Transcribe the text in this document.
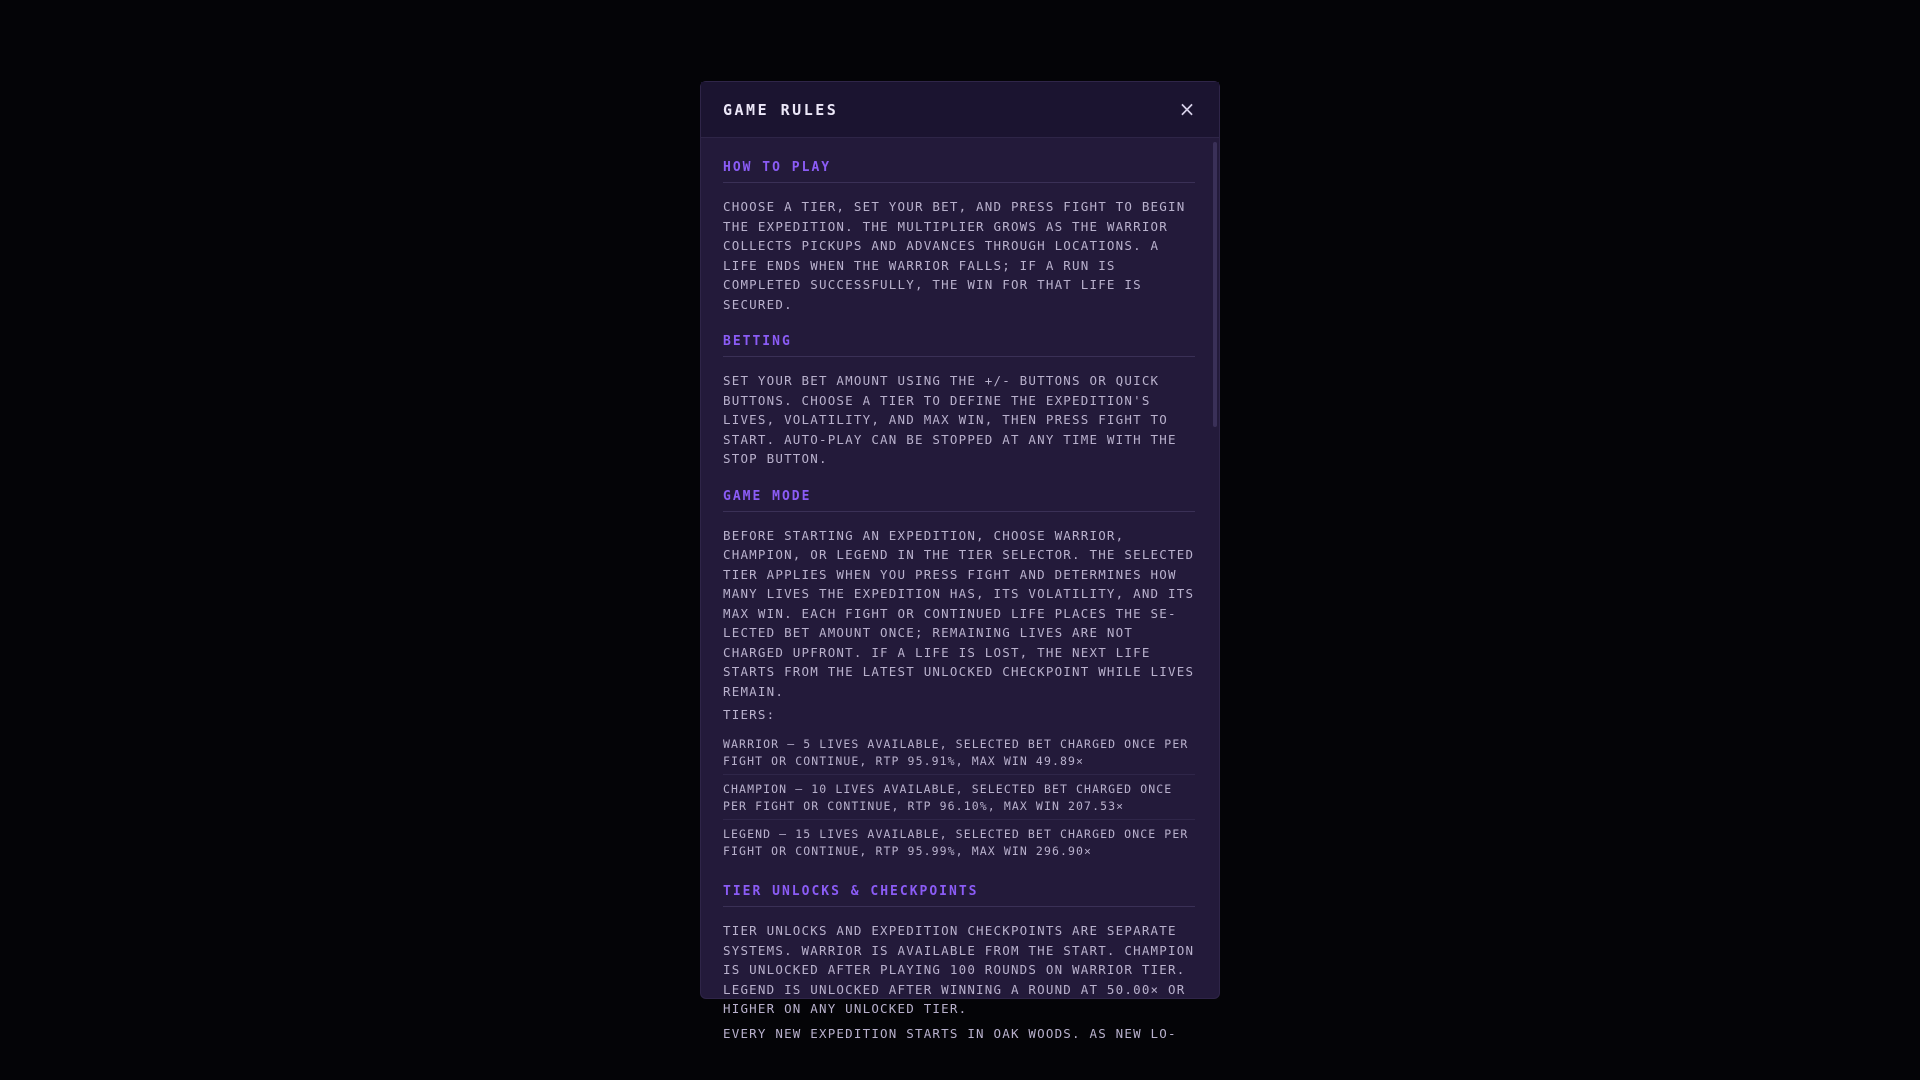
GAME RULES	×
HOW TO PLAY

CHOOSE A TIER, SET YOUR BET, AND PRESS FIGHT TO BEGIN THE EXPEDITION. THE MULTIPLIER GROWS AS THE WARRIOR COLLECTS PICKUPS AND ADVANCES THROUGH LOCATIONS. A LIFE ENDS WHEN THE WARRIOR FALLS; IF A RUN IS COMPLETED SUCCESSFULLY, THE WIN FOR THAT LIFE IS SECURED.

BETTING

SET YOUR BET AMOUNT USING THE +/- BUTTONS OR QUICK BUTTONS. CHOOSE A TIER TO DEFINE THE EXPEDITION'S LIVES, VOLATILITY, AND MAX WIN, THEN PRESS FIGHT TO START. AUTO-PLAY CAN BE STOPPED AT ANY TIME WITH THE STOP BUTTON.

GAME MODE

BEFORE STARTING AN EXPEDITION, CHOOSE WARRIOR, CHAMPION, OR LEGEND IN THE TIER SELECTOR. THE SELECTED TIER APPLIES WHEN YOU PRESS FIGHT AND DETERMINES HOW MANY LIVES THE EXPEDITION HAS, ITS VOLATILITY, AND ITS MAX WIN. EACH FIGHT OR CONTINUED LIFE PLACES THE SE-LECTED BET AMOUNT ONCE; REMAINING LIVES ARE NOT CHARGED UPFRONT. IF A LIFE IS LOST, THE NEXT LIFE STARTS FROM THE LATEST UNLOCKED CHECKPOINT WHILE LIVES REMAIN.

TIERS:
WARRIOR — 5 LIVES AVAILABLE, SELECTED BET CHARGED ONCE PER FIGHT OR CONTINUE, RTP 95.91%, MAX WIN 49.89×
CHAMPION — 10 LIVES AVAILABLE, SELECTED BET CHARGED ONCE PER FIGHT OR CONTINUE, RTP 96.10%, MAX WIN 207.53×
LEGEND — 15 LIVES AVAILABLE, SELECTED BET CHARGED ONCE PER FIGHT OR CONTINUE, RTP 95.99%, MAX WIN 296.90×
TIER UNLOCKS & CHECKPOINTS

TIER UNLOCKS AND EXPEDITION CHECKPOINTS ARE SEPARATE SYSTEMS. WARRIOR IS AVAILABLE FROM THE START. CHAMPION IS UNLOCKED AFTER PLAYING 100 ROUNDS ON WARRIOR TIER. LEGEND IS UNLOCKED AFTER WINNING A ROUND AT 50.00× OR HIGHER ON ANY UNLOCKED TIER.

EVERY NEW EXPEDITION STARTS IN OAK WOODS. AS NEW LO-
